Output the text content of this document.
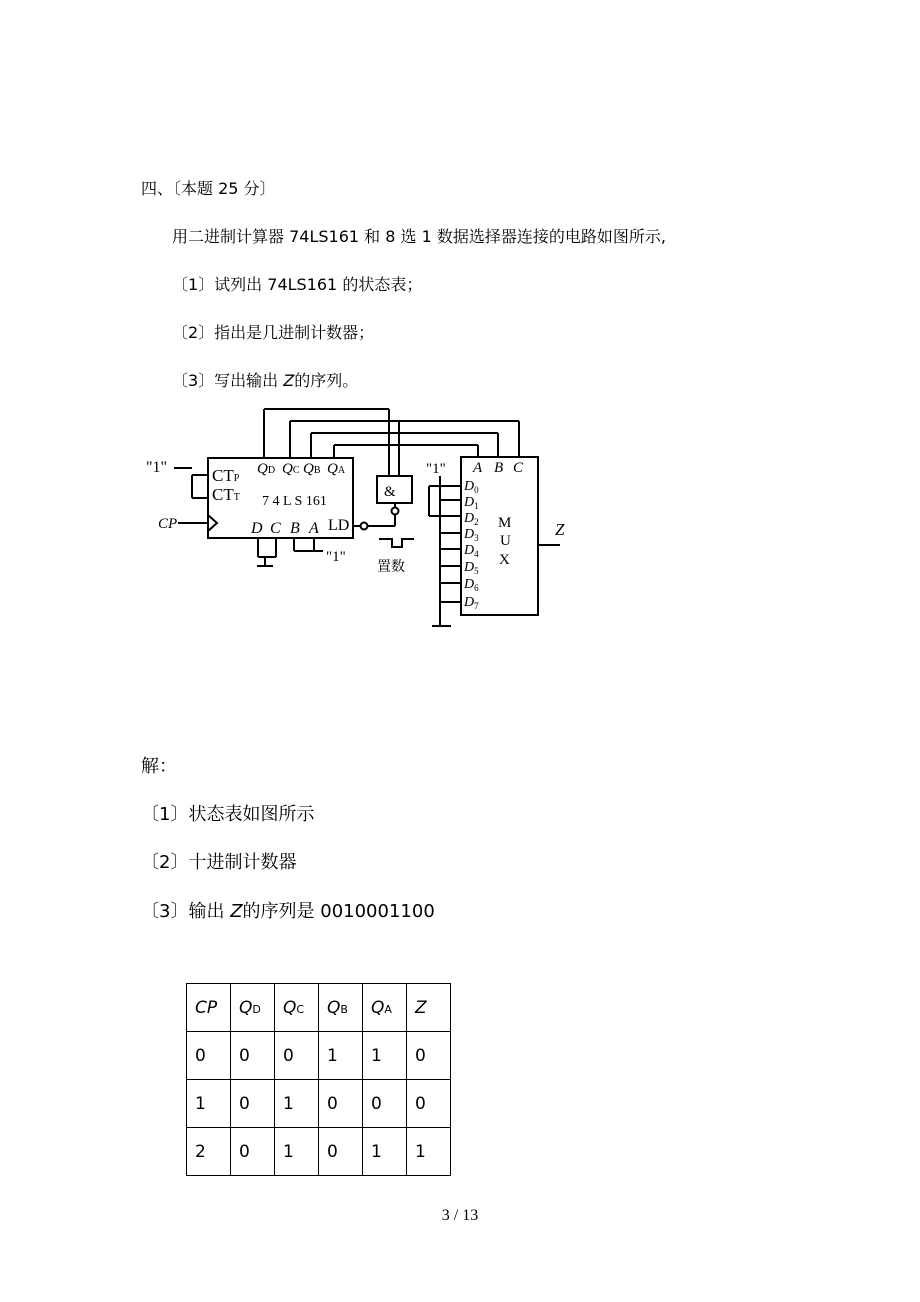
四、〔本题 25 分〕
用二进制计算器 74LS161 和 8 选 1 数据选择器连接的电路如图所示,
〔1〕试列出 74LS161 的状态表；
〔2〕指出是几进制计数器；
〔3〕写出输出 Z的序列。
"1"	CTP
CTT
CP
QD QC QB QA
7 4 L S 161
D C B A LD
"1"
&
置数
"1" A B C
$D_0$
$D_1$
$D_2$
$D_3$
$D_4$
$D_5$
$D_6$
$D_7$
M
U
X
Z
解：
〔1〕状态表如图所示
〔2〕十进制计数器
〔3〕输出 Z的序列是 0010001100
CP	QD	QC	QB	QA	Z
0	0	0	1	1	0
1	0	1	0	0	0
2	0	1	0	1	1
3 / 13
